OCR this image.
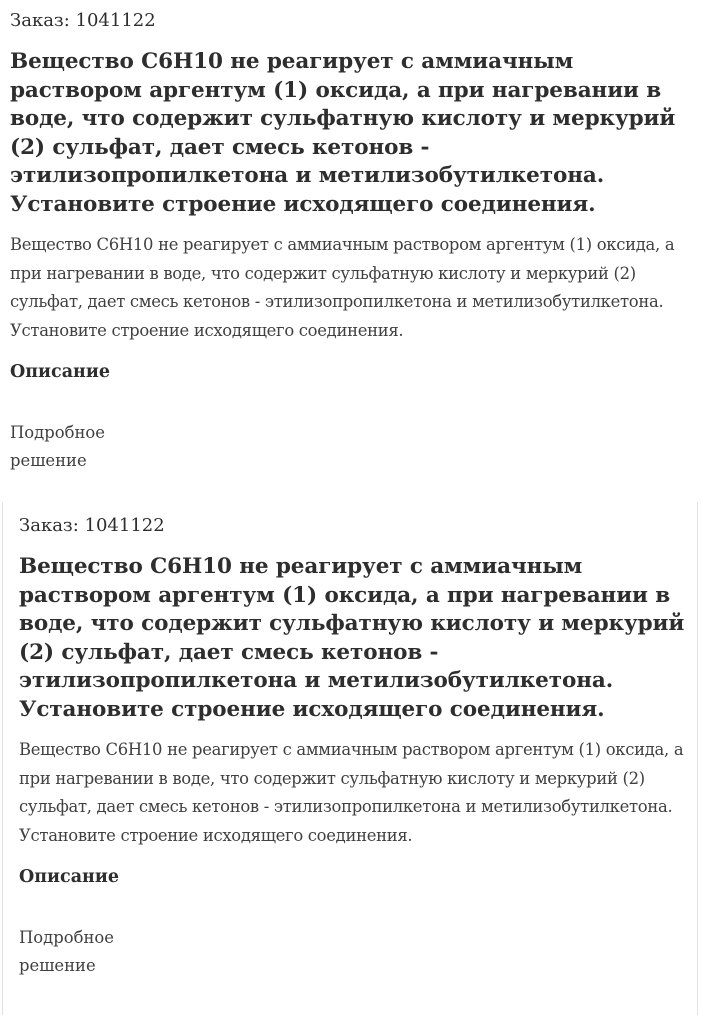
Заказ: 1041122
Вещество С6Н10 не реагирует с аммиачным раствором аргентум (1) оксида, а при нагревании в воде, что содержит сульфатную кислоту и меркурий (2) сульфат, дает смесь кетонов - этилизопропилкетона и метилизобутилкетона. Установите строение исходящего соединения.
Вещество С6Н10 не реагирует с аммиачным раствором аргентум (1) оксида, а при нагревании в воде, что содержит сульфатную кислоту и меркурий (2) сульфат, дает смесь кетонов - этилизопропилкетона и метилизобутилкетона. Установите строение исходящего соединения.
Описание
Подробное решение
Заказ: 1041122
Вещество С6Н10 не реагирует с аммиачным раствором аргентум (1) оксида, а при нагревании в воде, что содержит сульфатную кислоту и меркурий (2) сульфат, дает смесь кетонов - этилизопропилкетона и метилизобутилкетона. Установите строение исходящего соединения.
Вещество С6Н10 не реагирует с аммиачным раствором аргентум (1) оксида, а при нагревании в воде, что содержит сульфатную кислоту и меркурий (2) сульфат, дает смесь кетонов - этилизопропилкетона и метилизобутилкетона. Установите строение исходящего соединения.
Описание
Подробное решение
